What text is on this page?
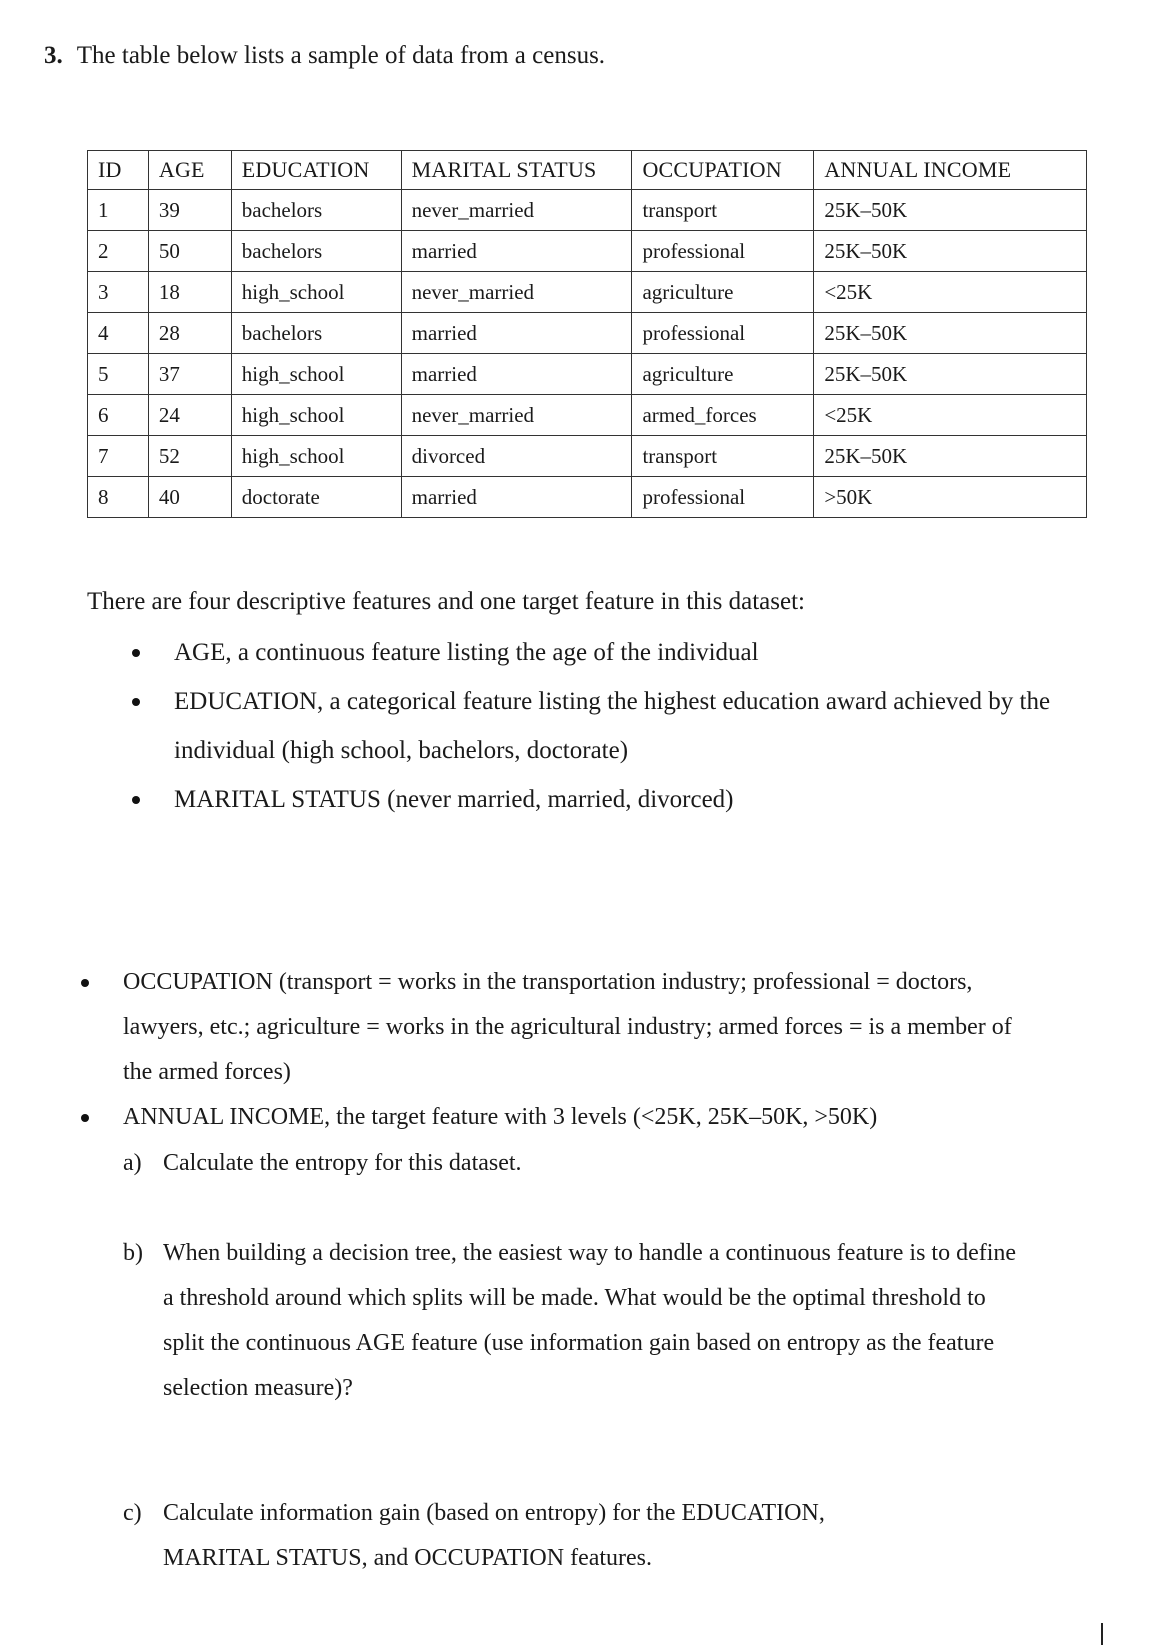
3. The table below lists a sample of data from a census.
ID	AGE	EDUCATION	MARITAL STATUS	OCCUPATION	ANNUAL INCOME
1	39	bachelors	never_married	transport	25K–50K
2	50	bachelors	married	professional	25K–50K
3	18	high_school	never_married	agriculture	<25K
4	28	bachelors	married	professional	25K–50K
5	37	high_school	married	agriculture	25K–50K
6	24	high_school	never_married	armed_forces	<25K
7	52	high_school	divorced	transport	25K–50K
8	40	doctorate	married	professional	>50K
There are four descriptive features and one target feature in this dataset:
AGE, a continuous feature listing the age of the individual
EDUCATION, a categorical feature listing the highest education award achieved by the individual (high school, bachelors, doctorate)
MARITAL STATUS (never married, married, divorced)
OCCUPATION (transport = works in the transportation industry; professional = doctors, lawyers, etc.; agriculture = works in the agricultural industry; armed forces = is a member of the armed forces)
ANNUAL INCOME, the target feature with 3 levels (<25K, 25K–50K, >50K)
a) Calculate the entropy for this dataset.
b) When building a decision tree, the easiest way to handle a continuous feature is to define a threshold around which splits will be made. What would be the optimal threshold to split the continuous AGE feature (use information gain based on entropy as the feature selection measure)?
c) Calculate information gain (based on entropy) for the EDUCATION, MARITAL STATUS, and OCCUPATION features.
